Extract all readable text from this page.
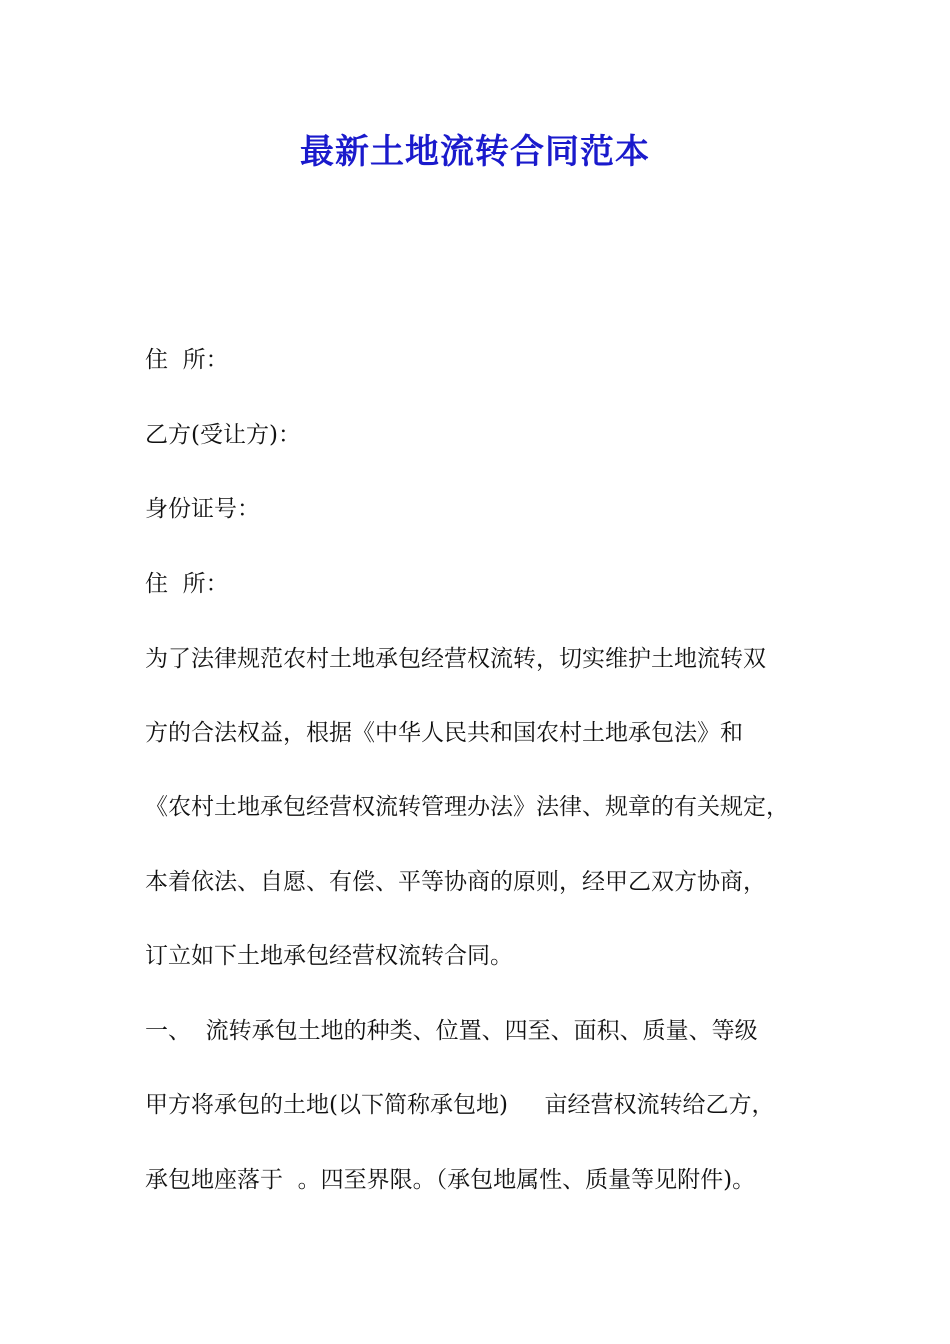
最新土地流转合同范本

住  所：

乙方(受让方)：

身份证号：

住  所：

为了法律规范农村土地承包经营权流转，切实维护土地流转双

方的合法权益，根据《中华人民共和国农村土地承包法》和

《农村土地承包经营权流转管理办法》法律、规章的有关规定，

本着依法、自愿、有偿、平等协商的原则，经甲乙双方协商，

订立如下土地承包经营权流转合同。

一、  流转承包土地的种类、位置、四至、面积、质量、等级

甲方将承包的土地(以下简称承包地)     亩经营权流转给乙方，

承包地座落于  。四至界限。（承包地属性、质量等见附件)。
